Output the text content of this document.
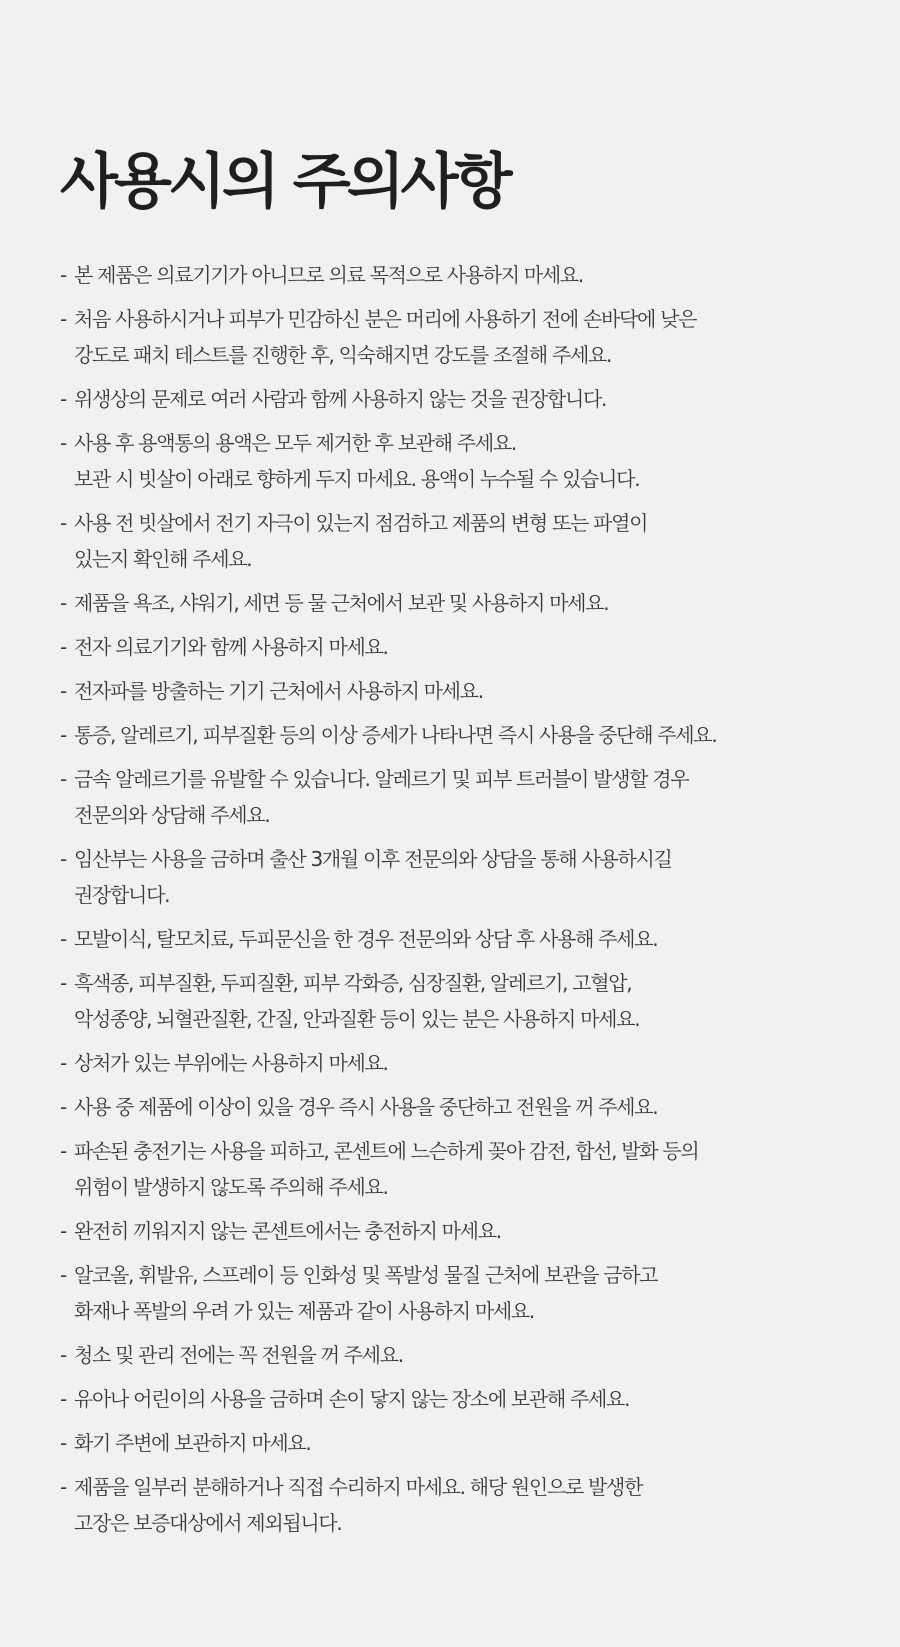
사용시의 주의사항
- 본 제품은 의료기기가 아니므로 의료 목적으로 사용하지 마세요.
- 처음 사용하시거나 피부가 민감하신 분은 머리에 사용하기 전에 손바닥에 낮은
강도로 패치 테스트를 진행한 후, 익숙해지면 강도를 조절해 주세요.
- 위생상의 문제로 여러 사람과 함께 사용하지 않는 것을 권장합니다.
- 사용 후 용액통의 용액은 모두 제거한 후 보관해 주세요.
보관 시 빗살이 아래로 향하게 두지 마세요. 용액이 누수될 수 있습니다.
- 사용 전 빗살에서 전기 자극이 있는지 점검하고 제품의 변형 또는 파열이
있는지 확인해 주세요.
- 제품을 욕조, 샤워기, 세면 등 물 근처에서 보관 및 사용하지 마세요.
- 전자 의료기기와 함께 사용하지 마세요.
- 전자파를 방출하는 기기 근처에서 사용하지 마세요.
- 통증, 알레르기, 피부질환 등의 이상 증세가 나타나면 즉시 사용을 중단해 주세요.
- 금속 알레르기를 유발할 수 있습니다. 알레르기 및 피부 트러블이 발생할 경우
전문의와 상담해 주세요.
- 임산부는 사용을 금하며 출산 3개월 이후 전문의와 상담을 통해 사용하시길
권장합니다.
- 모발이식, 탈모치료, 두피문신을 한 경우 전문의와 상담 후 사용해 주세요.
- 흑색종, 피부질환, 두피질환, 피부 각화증, 심장질환, 알레르기, 고혈압,
악성종양, 뇌혈관질환, 간질, 안과질환 등이 있는 분은 사용하지 마세요.
- 상처가 있는 부위에는 사용하지 마세요.
- 사용 중 제품에 이상이 있을 경우 즉시 사용을 중단하고 전원을 꺼 주세요.
- 파손된 충전기는 사용을 피하고, 콘센트에 느슨하게 꽂아 감전, 합선, 발화 등의
위험이 발생하지 않도록 주의해 주세요.
- 완전히 끼워지지 않는 콘센트에서는 충전하지 마세요.
- 알코올, 휘발유, 스프레이 등 인화성 및 폭발성 물질 근처에 보관을 금하고
화재나 폭발의 우려 가 있는 제품과 같이 사용하지 마세요.
- 청소 및 관리 전에는 꼭 전원을 꺼 주세요.
- 유아나 어린이의 사용을 금하며 손이 닿지 않는 장소에 보관해 주세요.
- 화기 주변에 보관하지 마세요.
- 제품을 일부러 분해하거나 직접 수리하지 마세요. 해당 원인으로 발생한
고장은 보증대상에서 제외됩니다.
